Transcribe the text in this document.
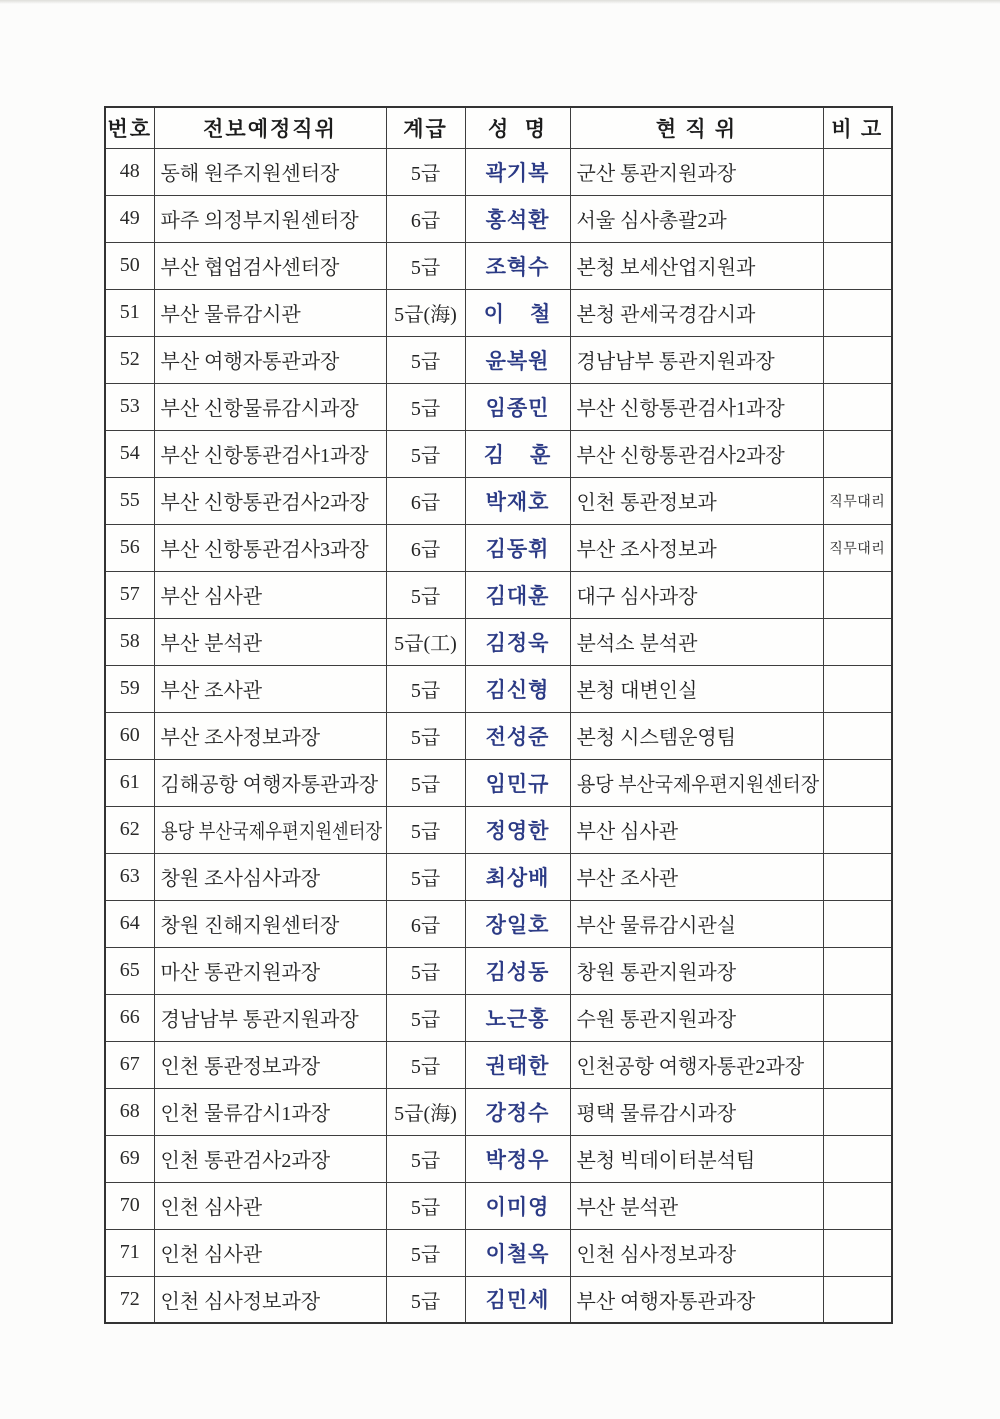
번호	전보예정직위	계급	성  명	현 직 위	비 고
48	동해 원주지원센터장	5급	곽기복	군산 통관지원과장	
49	파주 의정부지원센터장	6급	홍석환	서울 심사총괄2과	
50	부산 협업검사센터장	5급	조혁수	본청 보세산업지원과	
51	부산 물류감시관	5급(海)	이    철	본청 관세국경감시과	
52	부산 여행자통관과장	5급	윤복원	경남남부 통관지원과장	
53	부산 신항물류감시과장	5급	임종민	부산 신항통관검사1과장	
54	부산 신항통관검사1과장	5급	김    훈	부산 신항통관검사2과장	
55	부산 신항통관검사2과장	6급	박재호	인천 통관정보과	직무대리
56	부산 신항통관검사3과장	6급	김동휘	부산 조사정보과	직무대리
57	부산 심사관	5급	김대훈	대구 심사과장	
58	부산 분석관	5급(工)	김정욱	분석소 분석관	
59	부산 조사관	5급	김신형	본청 대변인실	
60	부산 조사정보과장	5급	전성준	본청 시스템운영팀	
61	김해공항 여행자통관과장	5급	임민규	용당 부산국제우편지원센터장	
62	용당 부산국제우편지원센터장	5급	정영한	부산 심사관	
63	창원 조사심사과장	5급	최상배	부산 조사관	
64	창원 진해지원센터장	6급	장일호	부산 물류감시관실	
65	마산 통관지원과장	5급	김성동	창원 통관지원과장	
66	경남남부 통관지원과장	5급	노근홍	수원 통관지원과장	
67	인천 통관정보과장	5급	권태한	인천공항 여행자통관2과장	
68	인천 물류감시1과장	5급(海)	강정수	평택 물류감시과장	
69	인천 통관검사2과장	5급	박정우	본청 빅데이터분석팀	
70	인천 심사관	5급	이미영	부산 분석관	
71	인천 심사관	5급	이철옥	인천 심사정보과장	
72	인천 심사정보과장	5급	김민세	부산 여행자통관과장	
